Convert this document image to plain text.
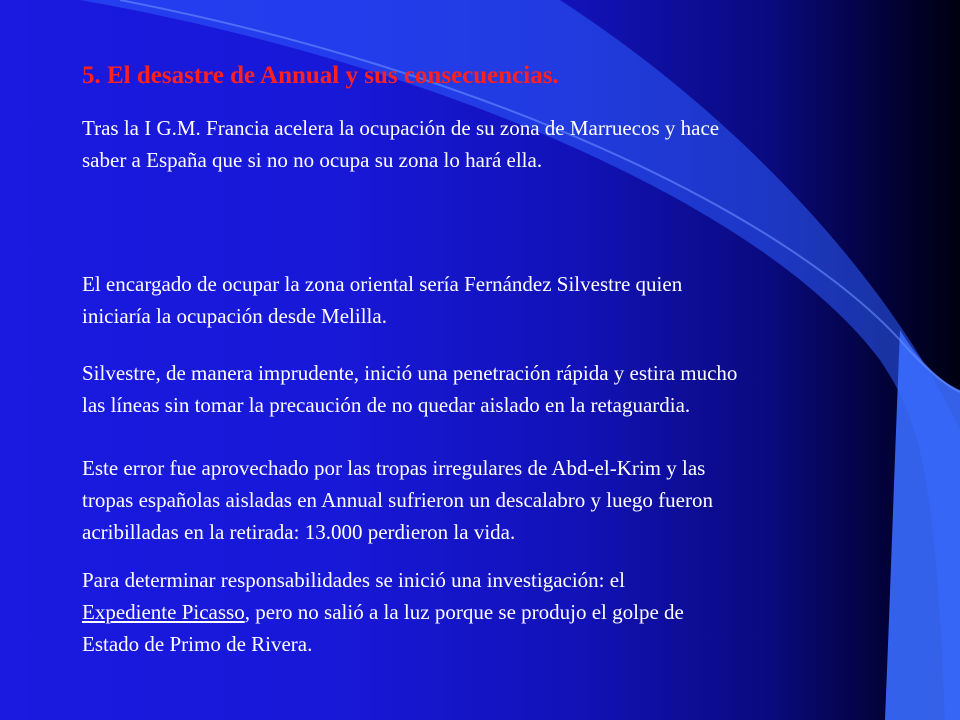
5. El desastre de Annual y sus consecuencias.

Tras la I G.M. Francia acelera la ocupación de su zona de Marruecos y hace
saber a España que si no no ocupa su zona lo hará ella.

El encargado de ocupar la zona oriental sería Fernández Silvestre quien
iniciaría la ocupación desde Melilla.

Silvestre, de manera imprudente, inició una penetración rápida y estira mucho
las líneas sin tomar la precaución de no quedar aislado en la retaguardia.

Este error fue aprovechado por las tropas irregulares de Abd-el-Krim y las
tropas españolas aisladas en Annual sufrieron un descalabro y luego fueron
acribilladas en la retirada: 13.000 perdieron la vida.

Para determinar responsabilidades se inició una investigación: el
Expediente Picasso, pero no salió a la luz porque se produjo el golpe de
Estado de Primo de Rivera.
